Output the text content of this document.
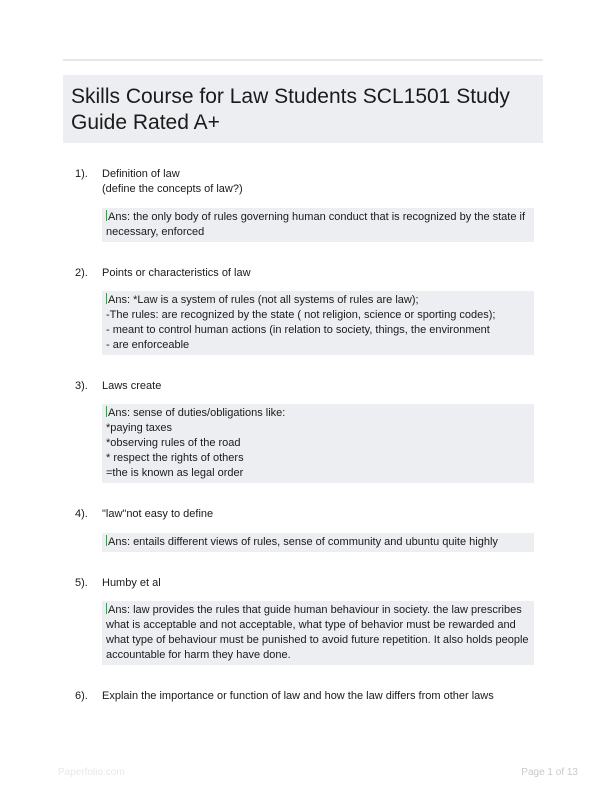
Skills Course for Law Students SCL1501 Study Guide Rated A+
1). Definition of law
(define the concepts of law?)
Ans: the only body of rules governing human conduct that is recognized by the state if necessary, enforced
2). Points or characteristics of law
Ans: *Law is a system of rules (not all systems of rules are law);
-The rules: are recognized by the state ( not religion, science or sporting codes);
- meant to control human actions (in relation to society, things, the environment
- are enforceable
3). Laws create
Ans: sense of duties/obligations like:
*paying taxes
*observing rules of the road
* respect the rights of others
=the is known as legal order
4). "law"not easy to define
Ans: entails different views of rules, sense of community and ubuntu quite highly
5). Humby et al
Ans: law provides the rules that guide human behaviour in society. the law prescribes what is acceptable and not acceptable, what type of behavior must be rewarded and what type of behaviour must be punished to avoid future repetition. It also holds people accountable for harm they have done.
6). Explain the importance or function of law and how the law differs from other laws
Paperfolio.com	Page 1 of 13
